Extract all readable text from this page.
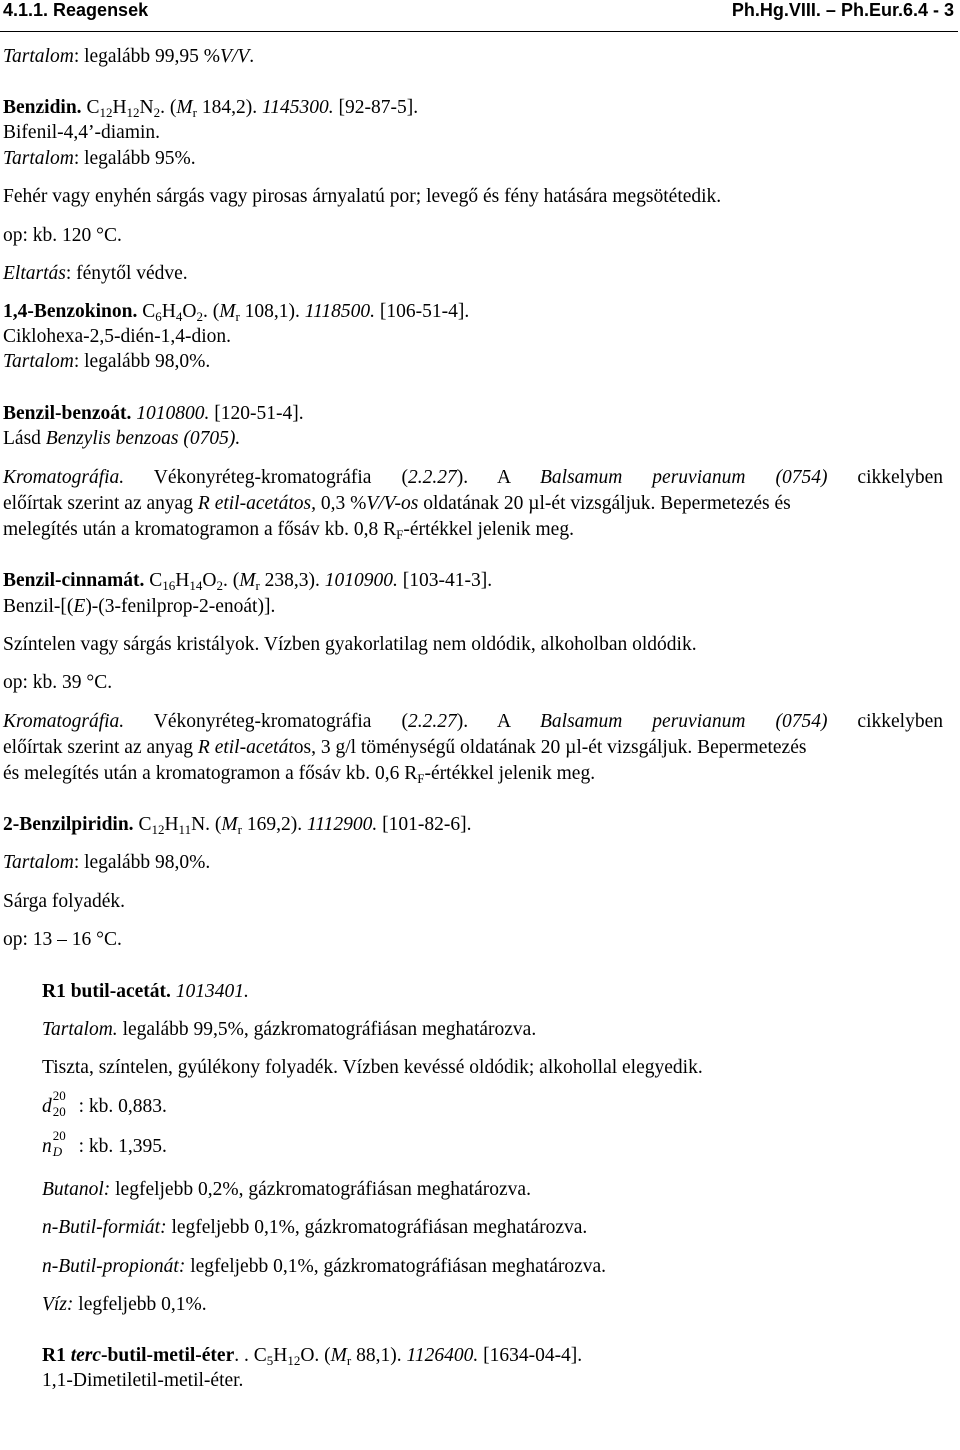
4.1.1. Reagensek	Ph.Hg.VIII. – Ph.Eur.6.4 - 3
Tartalom: legalább 99,95 %V/V.
Benzidin. $C_{12}H_{12}N_2$. ($M_r$ 184,2). 1145300. [92-87-5].
Bifenil-4,4’-diamin.
Tartalom: legalább 95%.
Fehér vagy enyhén sárgás vagy pirosas árnyalatú por; levegő és fény hatására megsötétedik.
op: kb. 120 °C.
Eltartás: fénytől védve.
1,4-Benzokinon. $C_6H_4O_2$. ($M_r$ 108,1). 1118500. [106-51-4].
Ciklohexa-2,5-dién-1,4-dion.
Tartalom: legalább 98,0%.
Benzil-benzoát. 1010800. [120-51-4].
Lásd Benzylis benzoas (0705).
Kromatográfia. Vékonyréteg-kromatográfia (2.2.27). A Balsamum peruvianum (0754) cikkelyben
előírtak szerint az anyag R etil-acetátos, 0,3 %V/V-os oldatának 20 µl-ét vizsgáljuk. Bepermetezés és
melegítés után a kromatogramon a fősáv kb. 0,8 $R_F$-értékkel jelenik meg.
Benzil-cinnamát. $C_{16}H_{14}O_2$. ($M_r$ 238,3). 1010900. [103-41-3].
Benzil-[(E)-(3-fenilprop-2-enoát)].
Színtelen vagy sárgás kristályok. Vízben gyakorlatilag nem oldódik, alkoholban oldódik.
op: kb. 39 °C.
Kromatográfia. Vékonyréteg-kromatográfia (2.2.27). A Balsamum peruvianum (0754) cikkelyben
előírtak szerint az anyag R etil-acetátos, 3 g/l töménységű oldatának 20 µl-ét vizsgáljuk. Bepermetezés
és melegítés után a kromatogramon a fősáv kb. 0,6 $R_F$-értékkel jelenik meg.
2-Benzilpiridin. $C_{12}H_{11}N$. ($M_r$ 169,2). 1112900. [101-82-6].
Tartalom: legalább 98,0%.
Sárga folyadék.
op: 13 – 16 °C.
R1 butil-acetát. 1013401.
Tartalom. legalább 99,5%, gázkromatográfiásan meghatározva.
Tiszta, színtelen, gyúlékony folyadék. Vízben kevéssé oldódik; alkohollal elegyedik.
d
20
20 : kb. 0,883.
n
20
D : kb. 1,395.
Butanol: legfeljebb 0,2%, gázkromatográfiásan meghatározva.
n-Butil-formiát: legfeljebb 0,1%, gázkromatográfiásan meghatározva.
n-Butil-propionát: legfeljebb 0,1%, gázkromatográfiásan meghatározva.
Víz: legfeljebb 0,1%.
R1 terc-butil-metil-éter. . $C_5H_{12}O$. ($M_r$ 88,1). 1126400. [1634-04-4].
1,1-Dimetiletil-metil-éter.
